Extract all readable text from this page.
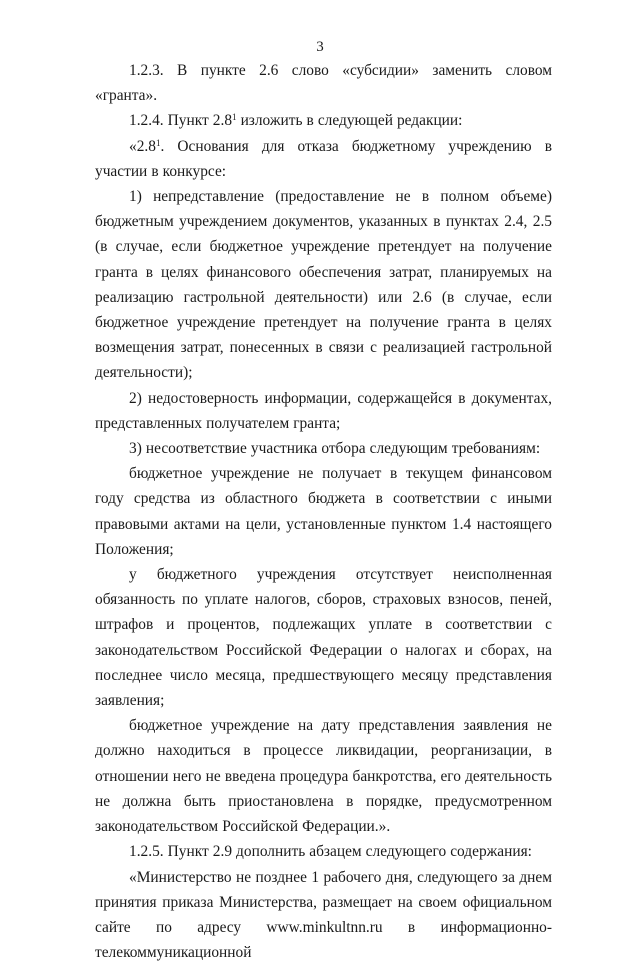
3

1.2.3. В пункте 2.6 слово «субсидии» заменить словом «гранта».

1.2.4. Пункт $2.8^1$ изложить в следующей редакции:

«$2.8^1$. Основания для отказа бюджетному учреждению в участии в конкурсе:

1) непредставление (предоставление не в полном объеме) бюджетным учреждением документов, указанных в пунктах 2.4, 2.5 (в случае, если бюджетное учреждение претендует на получение гранта в целях финансового обеспечения затрат, планируемых на реализацию гастрольной деятельности) или 2.6 (в случае, если бюджетное учреждение претендует на получение гранта в целях возмещения затрат, понесенных в связи с реализацией гастрольной деятельности);

2) недостоверность информации, содержащейся в документах, представленных получателем гранта;

3) несоответствие участника отбора следующим требованиям:

бюджетное учреждение не получает в текущем финансовом году средства из областного бюджета в соответствии с иными правовыми актами на цели, установленные пунктом 1.4 настоящего Положения;

у бюджетного учреждения отсутствует неисполненная обязанность по уплате налогов, сборов, страховых взносов, пеней, штрафов и процентов, подлежащих уплате в соответствии с законодательством Российской Федерации о налогах и сборах, на последнее число месяца, предшествующего месяцу представления заявления;

бюджетное учреждение на дату представления заявления не должно находиться в процессе ликвидации, реорганизации, в отношении него не введена процедура банкротства, его деятельность не должна быть приостановлена в порядке, предусмотренном законодательством Российской Федерации.».

1.2.5. Пункт 2.9 дополнить абзацем следующего содержания:

«Министерство не позднее 1 рабочего дня, следующего за днем принятия приказа Министерства, размещает на своем официальном сайте по адресу www.minkultnn.ru в информационно-телекоммуникационной
